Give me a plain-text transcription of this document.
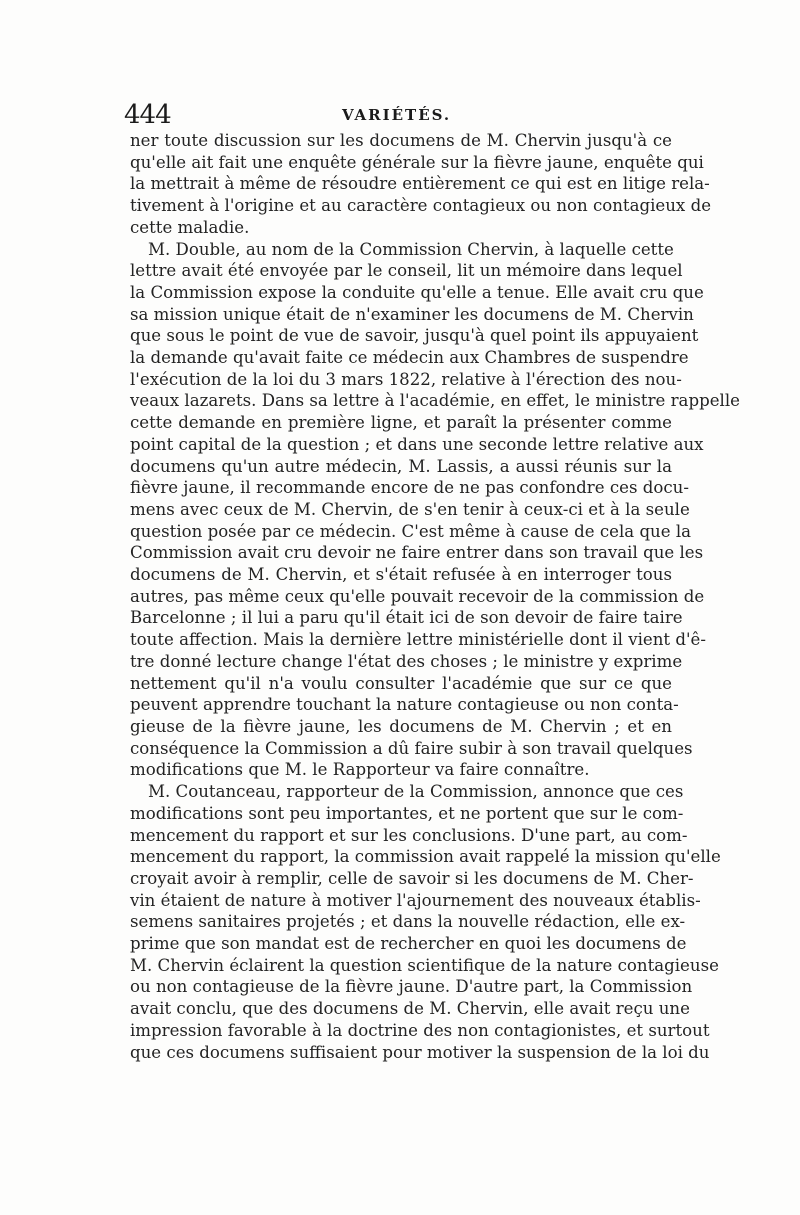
444	VARIÉTÉS.

ner toute discussion sur les documens de M. Chervin jusqu'à ce
qu'elle ait fait une enquête générale sur la fièvre jaune, enquête qui
la mettrait à même de résoudre entièrement ce qui est en litige rela-
tivement à l'origine et au caractère contagieux ou non contagieux de
cette maladie.

M. Double, au nom de la Commission Chervin, à laquelle cette
lettre avait été envoyée par le conseil, lit un mémoire dans lequel
la Commission expose la conduite qu'elle a tenue. Elle avait cru que
sa mission unique était de n'examiner les documens de M. Chervin
que sous le point de vue de savoir, jusqu'à quel point ils appuyaient
la demande qu'avait faite ce médecin aux Chambres de suspendre
l'exécution de la loi du 3 mars 1822, relative à l'érection des nou-
veaux lazarets. Dans sa lettre à l'académie, en effet, le ministre rappelle
cette demande en première ligne, et paraît la présenter comme
point capital de la question ; et dans une seconde lettre relative aux
documens qu'un autre médecin, M. Lassis, a aussi réunis sur la
fièvre jaune, il recommande encore de ne pas confondre ces docu-
mens avec ceux de M. Chervin, de s'en tenir à ceux-ci et à la seule
question posée par ce médecin. C'est même à cause de cela que la
Commission avait cru devoir ne faire entrer dans son travail que les
documens de M. Chervin, et s'était refusée à en interroger tous
autres, pas même ceux qu'elle pouvait recevoir de la commission de
Barcelonne ; il lui a paru qu'il était ici de son devoir de faire taire
toute affection. Mais la dernière lettre ministérielle dont il vient d'ê-
tre donné lecture change l'état des choses ; le ministre y exprime
nettement qu'il n'a voulu consulter l'académie que sur ce que
peuvent apprendre touchant la nature contagieuse ou non conta-
gieuse de la fièvre jaune, les documens de M. Chervin ; et en
conséquence la Commission a dû faire subir à son travail quelques
modifications que M. le Rapporteur va faire connaître.

M. Coutanceau, rapporteur de la Commission, annonce que ces
modifications sont peu importantes, et ne portent que sur le com-
mencement du rapport et sur les conclusions. D'une part, au com-
mencement du rapport, la commission avait rappelé la mission qu'elle
croyait avoir à remplir, celle de savoir si les documens de M. Cher-
vin étaient de nature à motiver l'ajournement des nouveaux établis-
semens sanitaires projetés ; et dans la nouvelle rédaction, elle ex-
prime que son mandat est de rechercher en quoi les documens de
M. Chervin éclairent la question scientifique de la nature contagieuse
ou non contagieuse de la fièvre jaune. D'autre part, la Commission
avait conclu, que des documens de M. Chervin, elle avait reçu une
impression favorable à la doctrine des non contagionistes, et surtout
que ces documens suffisaient pour motiver la suspension de la loi du
